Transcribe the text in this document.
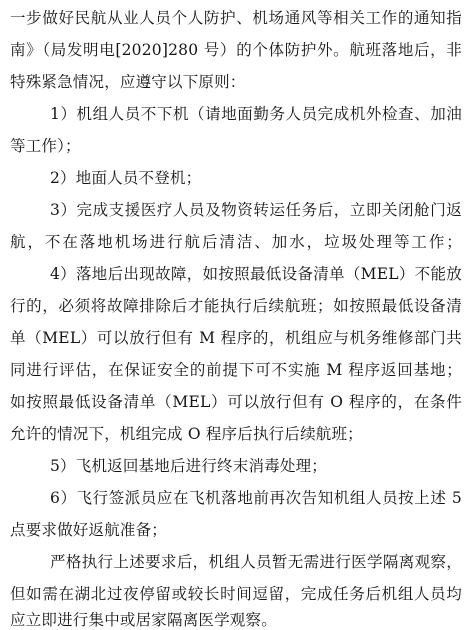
一步做好民航从业人员个人防护、机场通风等相关工作的通知指
南》（局发明电[2020]280 号）的个体防护外。航班落地后，非
特殊紧急情况，应遵守以下原则：
1）机组人员不下机（请地面勤务人员完成机外检查、加油
等工作）；
2）地面人员不登机；
3）完成支援医疗人员及物资转运任务后，立即关闭舱门返
航，不在落地机场进行航后清洁、加水，垃圾处理等工作；
4）落地后出现故障，如按照最低设备清单（MEL）不能放
行的，必须将故障排除后才能执行后续航班；如按照最低设备清
单（MEL）可以放行但有 M 程序的，机组应与机务维修部门共
同进行评估，在保证安全的前提下可不实施 M 程序返回基地；
如按照最低设备清单（MEL）可以放行但有 O 程序的，在条件
允许的情况下，机组完成 O 程序后执行后续航班；
5）飞机返回基地后进行终末消毒处理；
6）飞行签派员应在飞机落地前再次告知机组人员按上述 5
点要求做好返航准备；
严格执行上述要求后，机组人员暂无需进行医学隔离观察，
但如需在湖北过夜停留或较长时间逗留，完成任务后机组人员均
应立即进行集中或居家隔离医学观察。
